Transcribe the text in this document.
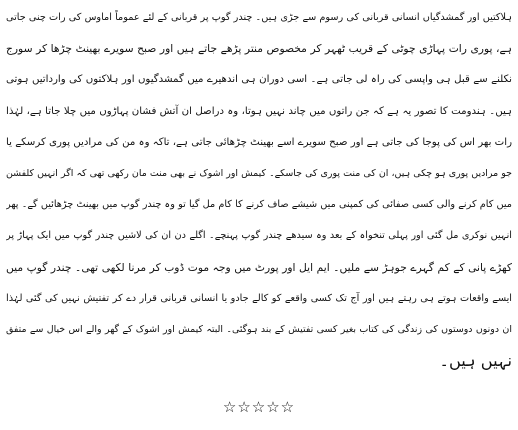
ہلاکتیں اور گمشدگیاں انسانی قربانی کی رسوم سے جڑی ہیں۔ چندر گوپ پر قربانی کے لئے عموماً اماوس کی رات چنی جاتی
ہے، پوری رات پہاڑی چوٹی کے قریب ٹھہر کر مخصوص منتر پڑھے جاتے ہیں اور صبح سویرے بھینٹ چڑھا کر سورج
نکلنے سے قبل ہی واپسی کی راہ لی جاتی ہے۔ اسی دوران ہی اندھیرے میں گمشدگیوں اور ہلاکتوں کی وارداتیں ہوتی
ہیں۔ ہندومت کا تصور یہ ہے کہ جن راتوں میں چاند نہیں ہوتا، وہ دراصل ان آتش فشان پہاڑوں میں چلا جاتا ہے، لہٰذا
رات بھر اس کی پوجا کی جاتی ہے اور صبح سویرے اسے بھینٹ چڑھائی جاتی ہے، تاکہ وہ من کی مرادیں پوری کرسکے یا
جو مرادیں پوری ہو چکی ہیں، ان کی منت پوری کی جاسکے۔ کیمش اور اشوک نے بھی منت مان رکھی تھی کہ اگر انہیں کلفشن
میں کام کرنے والی کسی صفائی کی کمپنی میں شیشے صاف کرنے کا کام مل گیا تو وہ چندر گوپ میں بھینٹ چڑھائیں گے۔ پھر
انہیں نوکری مل گئی اور پہلی تنخواہ کے بعد وہ سیدھے چندر گوپ پہنچے۔ اگلے دن ان کی لاشیں چندر گوپ میں ایک پہاڑ پر
کھڑے پانی کے کم گہرے جوہڑ سے ملیں۔ ایم ایل اور پورٹ میں وجہ موت ڈوب کر مرنا لکھی تھی۔ چندر گوپ میں
ایسے واقعات ہوتے ہی رہتے ہیں اور آج تک کسی واقعے کو کالے جادو یا انسانی قربانی قرار دے کر تفتیش نہیں کی گئی لہٰذا
ان دونوں دوستوں کی زندگی کی کتاب بغیر کسی تفتیش کے بند ہوگئی۔ البتہ کیمش اور اشوک کے گھر والے اس خیال سے متفق
نہیں ہیں۔
☆☆☆☆☆
